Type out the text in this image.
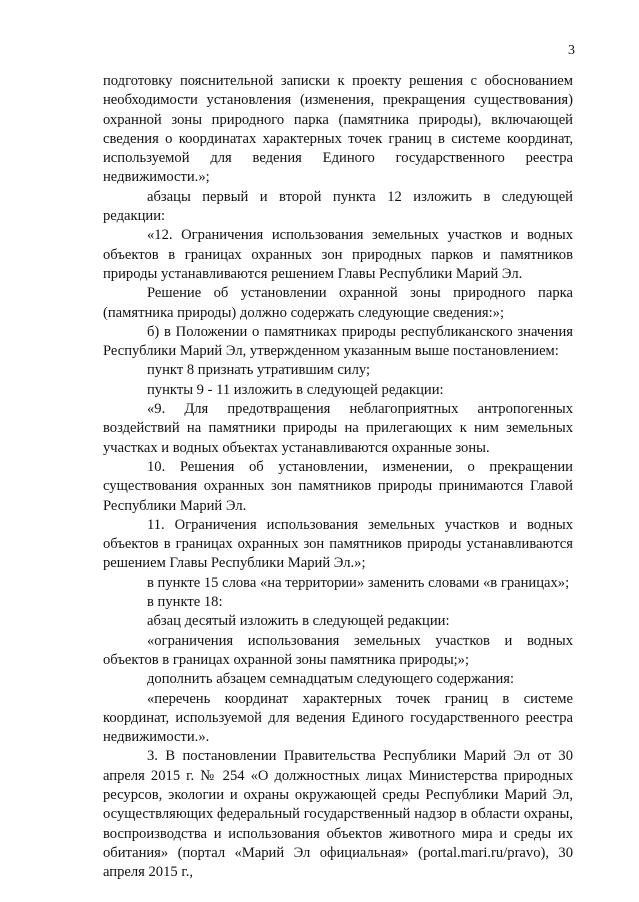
3

подготовку пояснительной записки к проекту решения с обоснованием необходимости установления (изменения, прекращения существования) охранной зоны природного парка (памятника природы), включающей сведения о координатах характерных точек границ в системе координат, используемой для ведения Единого государственного реестра недвижимости.»;

абзацы первый и второй пункта 12 изложить в следующей редакции:

«12. Ограничения использования земельных участков и водных объектов в границах охранных зон природных парков и памятников природы устанавливаются решением Главы Республики Марий Эл.

Решение об установлении охранной зоны природного парка (памятника природы) должно содержать следующие сведения:»;

б) в Положении о памятниках природы республиканского значения Республики Марий Эл, утвержденном указанным выше постановлением:

пункт 8 признать утратившим силу;

пункты 9 - 11 изложить в следующей редакции:

«9. Для предотвращения неблагоприятных антропогенных воздействий на памятники природы на прилегающих к ним земельных участках и водных объектах устанавливаются охранные зоны.

10. Решения об установлении, изменении, о прекращении существования охранных зон памятников природы принимаются Главой Республики Марий Эл.

11. Ограничения использования земельных участков и водных объектов в границах охранных зон памятников природы устанавливаются решением Главы Республики Марий Эл.»;

в пункте 15 слова «на территории» заменить словами «в границах»;

в пункте 18:

абзац десятый изложить в следующей редакции:

«ограничения использования земельных участков и водных объектов в границах охранной зоны памятника природы;»;

дополнить абзацем семнадцатым следующего содержания:

«перечень координат характерных точек границ в системе координат, используемой для ведения Единого государственного реестра недвижимости.».

3. В постановлении Правительства Республики Марий Эл от 30 апреля 2015 г. № 254 «О должностных лицах Министерства природных ресурсов, экологии и охраны окружающей среды Республики Марий Эл, осуществляющих федеральный государственный надзор в области охраны, воспроизводства и использования объектов животного мира и среды их обитания» (портал «Марий Эл официальная» (portal.mari.ru/pravo), 30 апреля 2015 г.,
